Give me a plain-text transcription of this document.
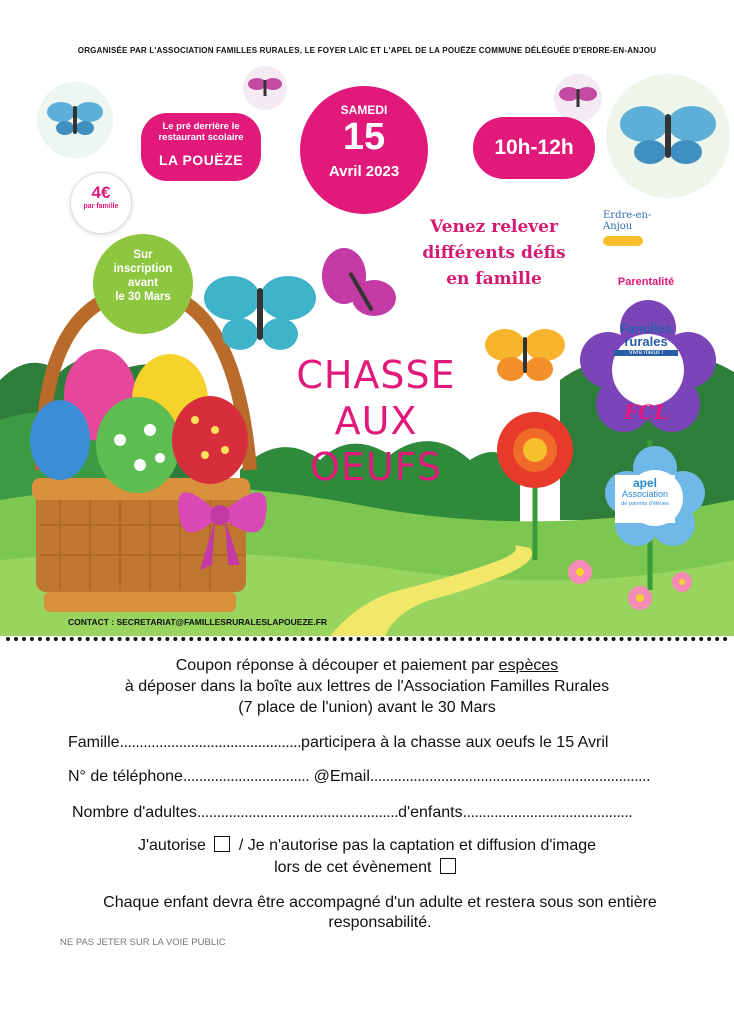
Erdre-en-Anjou
Parentalité
Familles
rurales
Vivre mieux !
FCL
apel
Association
de parents d'élèves
ORGANISÉE PAR L'ASSOCIATION FAMILLES RURALES, LE FOYER LAÏC ET L'APEL DE LA POUËZE COMMUNE DÉLÉGUÉE D'ERDRE-EN-ANJOU
Le pré derrière le
restaurant scolaire
LA POUËZE
SAMEDI
15
Avril 2023
10h-12h
4€
par famille
Sur
inscription
avant
le 30 Mars
Venez relever
différents défis
en famille
CHASSE
AUX OEUFS
CONTACT : SECRETARIAT@FAMILLESRURALESLAPOUEZE.FR
Coupon réponse à découper et paiement par espèces
à déposer dans la boîte aux lettres de l'Association Familles Rurales
(7 place de l'union) avant le 30 Mars
Famille..............................................participera à la chasse aux oeufs le 15 Avril
N° de téléphone................................ @Email.......................................................................
Nombre d'adultes...................................................d'enfants...........................................
J'autorise / Je n'autorise pas la captation et diffusion d'image
lors de cet évènement
Chaque enfant devra être accompagné d'un adulte et restera sous son entière responsabilité.
NE PAS JETER SUR LA VOIE PUBLIC
